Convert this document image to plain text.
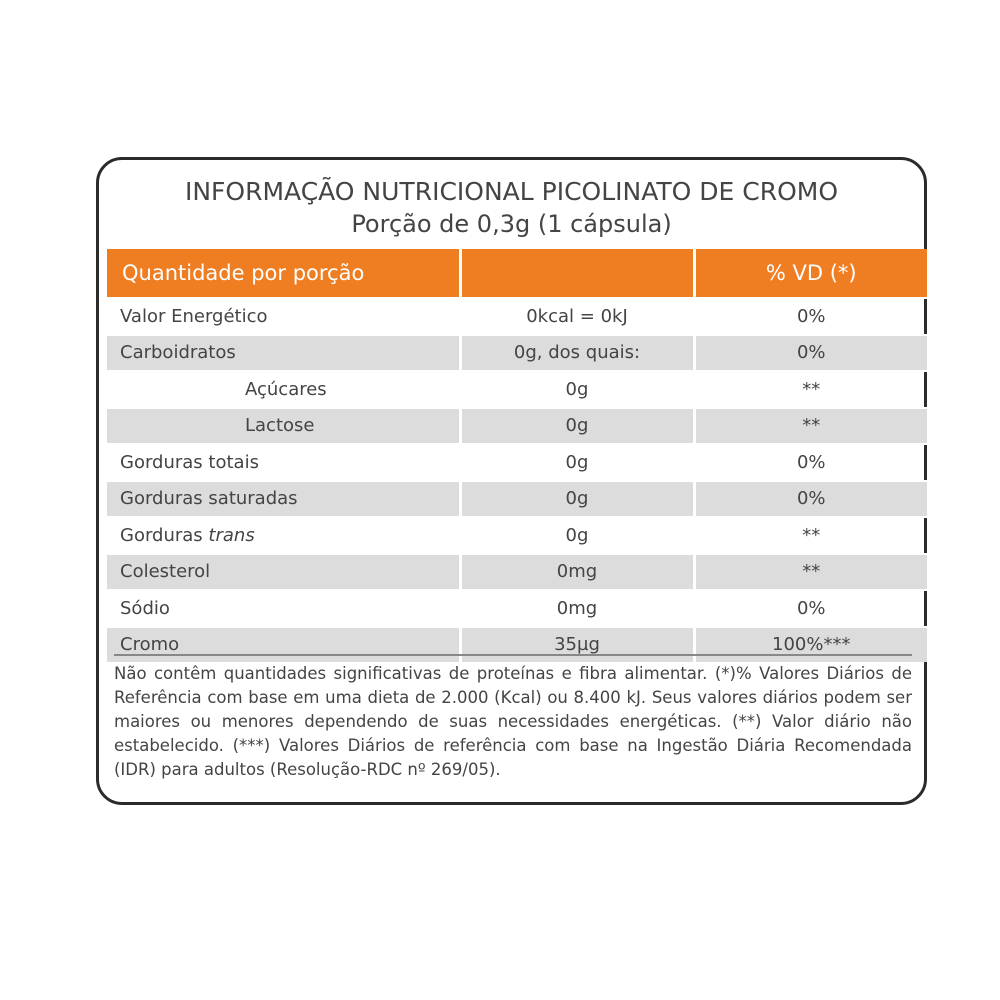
INFORMAÇÃO NUTRICIONAL PICOLINATO DE CROMO
Porção de 0,3g (1 cápsula)
Quantidade por porção		% VD (*)
Valor Energético	0kcal = 0kJ	0%
Carboidratos	0g, dos quais:	0%
Açúcares	0g	**
Lactose	0g	**
Gorduras totais	0g	0%
Gorduras saturadas	0g	0%
Gorduras trans	0g	**
Colesterol	0mg	**
Sódio	0mg	0%
Cromo	35µg	100%***
Não contêm quantidades significativas de proteínas e fibra alimentar. (*)% Valores Diários de Referência com base em uma dieta de 2.000 (Kcal) ou 8.400 kJ. Seus valores diários podem ser maiores ou menores dependendo de suas necessidades energéticas. (**) Valor diário não estabelecido. (***) Valores Diários de referência com base na Ingestão Diária Recomendada (IDR) para adultos (Resolução-RDC nº 269/05).
